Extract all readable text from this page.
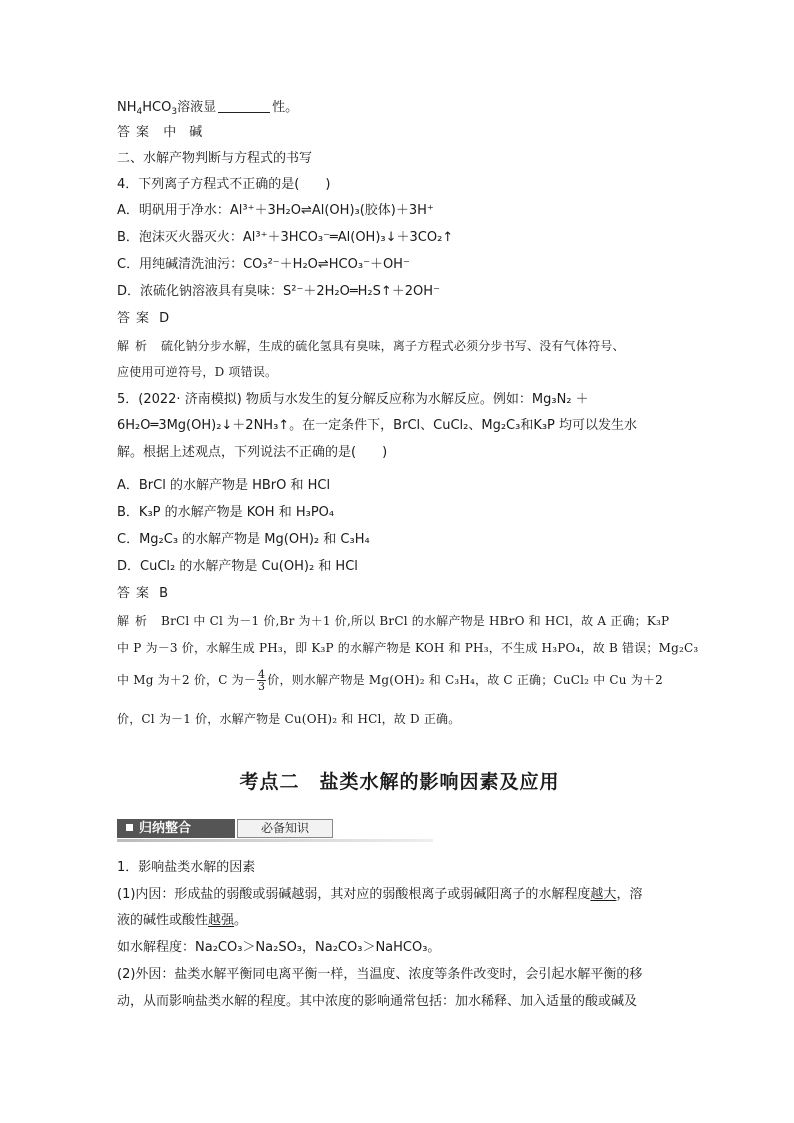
$NH_4HCO_3$溶液显	性。
答案 中　碱
二、水解产物判断与方程式的书写
4．下列离子方程式不正确的是(　　)
A．明矾用于净水：Al³⁺＋3H₂O⇌Al(OH)₃(胶体)＋3H⁺
B．泡沫灭火器灭火：Al³⁺＋3HCO₃⁻═Al(OH)₃↓＋3CO₂↑
C．用纯碱清洗油污：CO₃²⁻＋H₂O⇌HCO₃⁻＋OH⁻
D．浓硫化钠溶液具有臭味：S²⁻＋2H₂O═H₂S↑＋2OH⁻
答案 D
解析 硫化钠分步水解，生成的硫化氢具有臭味，离子方程式必须分步书写、没有气体符号、
应使用可逆符号，D 项错误。
5．(2022· 济南模拟) 物质与水发生的复分解反应称为水解反应。例如：Mg₃N₂ ＋
6H₂O═3Mg(OH)₂↓＋2NH₃↑。在一定条件下，BrCl、CuCl₂、Mg₂C₃和K₃P 均可以发生水
解。根据上述观点，下列说法不正确的是(　　)
A．BrCl 的水解产物是 HBrO 和 HCl
B．K₃P 的水解产物是 KOH 和 H₃PO₄
C．Mg₂C₃ 的水解产物是 Mg(OH)₂ 和 C₃H₄
D．CuCl₂ 的水解产物是 Cu(OH)₂ 和 HCl
答案 B
解析 BrCl 中 Cl 为－1 价,Br 为＋1 价,所以 BrCl 的水解产物是 HBrO 和 HCl，故 A 正确；K₃P
中 P 为－3 价，水解生成 PH₃，即 K₃P 的水解产物是 KOH 和 PH₃，不生成 H₃PO₄，故 B 错误；Mg₂C₃
中 Mg 为＋2 价，C 为－ $\frac{4}{3}$ 价，则水解产物是 Mg(OH)₂ 和 C₃H₄，故 C 正确；CuCl₂ 中 Cu 为＋2
价，Cl 为－1 价，水解产物是 Cu(OH)₂ 和 HCl，故 D 正确。
考点二　盐类水解的影响因素及应用
归纳整合	必备知识
1．影响盐类水解的因素
(1)内因：形成盐的弱酸或弱碱越弱，其对应的弱酸根离子或弱碱阳离子的水解程度越大，溶
液的碱性或酸性越强。
如水解程度：Na₂CO₃＞Na₂SO₃，Na₂CO₃＞NaHCO₃。
(2)外因：盐类水解平衡同电离平衡一样，当温度、浓度等条件改变时，会引起水解平衡的移
动，从而影响盐类水解的程度。其中浓度的影响通常包括：加水稀释、加入适量的酸或碱及
